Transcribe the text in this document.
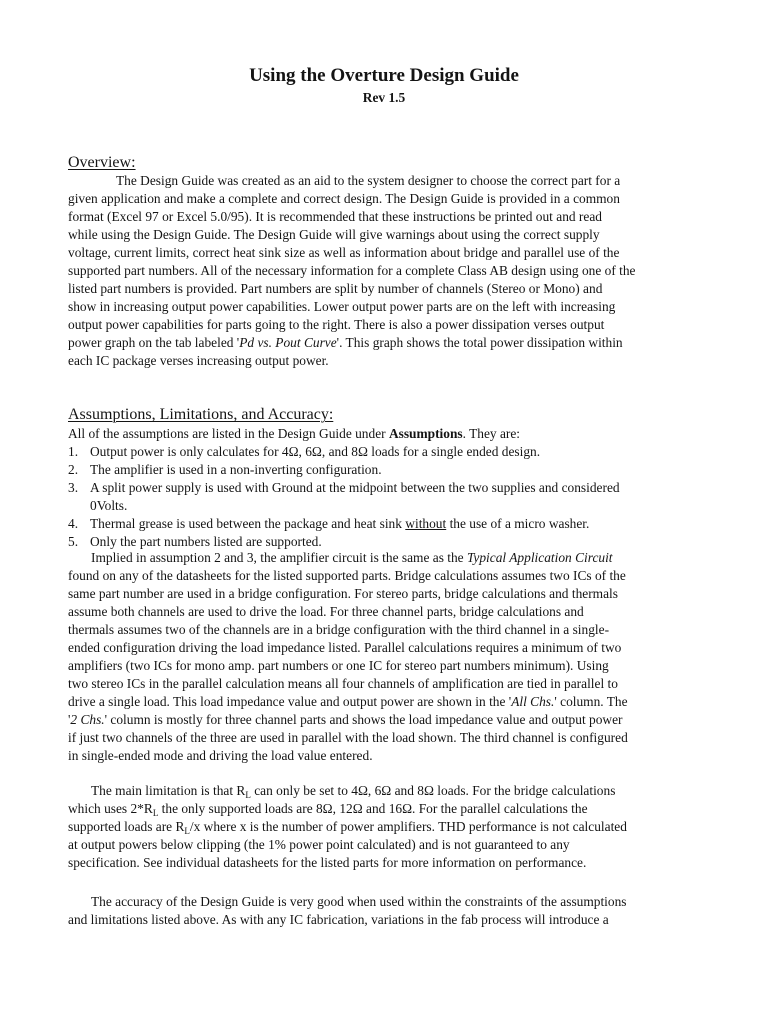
Using the Overture Design Guide
Rev 1.5
Overview:
The Design Guide was created as an aid to the system designer to choose the correct part for a
given application and make a complete and correct design. The Design Guide is provided in a common
format (Excel 97 or Excel 5.0/95). It is recommended that these instructions be printed out and read
while using the Design Guide. The Design Guide will give warnings about using the correct supply
voltage, current limits, correct heat sink size as well as information about bridge and parallel use of the
supported part numbers. All of the necessary information for a complete Class AB design using one of the
listed part numbers is provided. Part numbers are split by number of channels (Stereo or Mono) and
show in increasing output power capabilities. Lower output power parts are on the left with increasing
output power capabilities for parts going to the right. There is also a power dissipation verses output
power graph on the tab labeled 'Pd vs. Pout Curve'. This graph shows the total power dissipation within
each IC package verses increasing output power.
Assumptions, Limitations, and Accuracy:
All of the assumptions are listed in the Design Guide under Assumptions. They are:
1. Output power is only calculates for 4Ω, 6Ω, and 8Ω loads for a single ended design.
2. The amplifier is used in a non-inverting configuration.
3. A split power supply is used with Ground at the midpoint between the two supplies and considered
0Volts.
4. Thermal grease is used between the package and heat sink without the use of a micro washer.
5. Only the part numbers listed are supported.
Implied in assumption 2 and 3, the amplifier circuit is the same as the Typical Application Circuit
found on any of the datasheets for the listed supported parts. Bridge calculations assumes two ICs of the
same part number are used in a bridge configuration. For stereo parts, bridge calculations and thermals
assume both channels are used to drive the load. For three channel parts, bridge calculations and
thermals assumes two of the channels are in a bridge configuration with the third channel in a single-
ended configuration driving the load impedance listed. Parallel calculations requires a minimum of two
amplifiers (two ICs for mono amp. part numbers or one IC for stereo part numbers minimum). Using
two stereo ICs in the parallel calculation means all four channels of amplification are tied in parallel to
drive a single load. This load impedance value and output power are shown in the 'All Chs.' column. The
'2 Chs.' column is mostly for three channel parts and shows the load impedance value and output power
if just two channels of the three are used in parallel with the load shown. The third channel is configured
in single-ended mode and driving the load value entered.
The main limitation is that $R_L$ can only be set to 4Ω, 6Ω and 8Ω loads. For the bridge calculations
which uses $2*R_L$ the only supported loads are 8Ω, 12Ω and 16Ω. For the parallel calculations the
supported loads are $R_L/x$ where x is the number of power amplifiers. THD performance is not calculated
at output powers below clipping (the 1% power point calculated) and is not guaranteed to any
specification. See individual datasheets for the listed parts for more information on performance.
The accuracy of the Design Guide is very good when used within the constraints of the assumptions
and limitations listed above. As with any IC fabrication, variations in the fab process will introduce a
